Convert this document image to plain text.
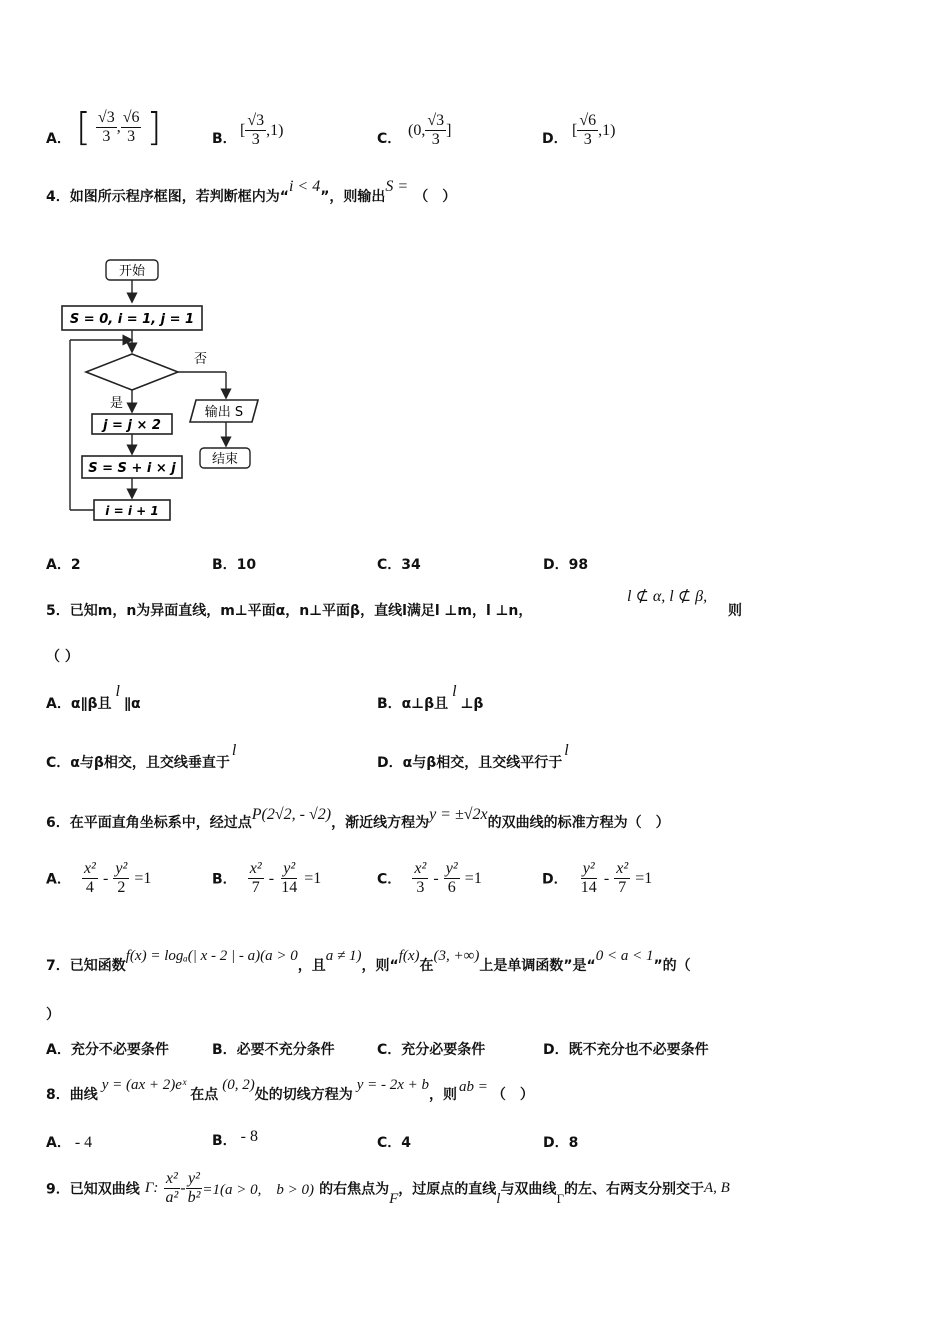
A． [ $\frac{√3}{3}$ , $\frac{√6}{3}$ ]	B． [ $\frac{√3}{3} ,1$)	C． (0, $\frac{√3}{3}$ ]	D． [ $\frac{√6}{3} ,1$)
4．如图所示程序框图，若判断框内为“i < 4”，则输出S =（　）
开始
S = 0, i = 1, j = 1
否
输出 S
结束
是
j = j × 2
S = S + i × j
i = i + 1
A．2	B．10	C．34	D．98
5．已知m，n为异面直线，m⊥平面α，n⊥平面β，直线l满足l ⊥m，l ⊥n，
l ⊄ α, l ⊄ β,
则
（ ）
A．α∥β且l∥α	B．α⊥β且l⊥β
C．α与β相交，且交线垂直于l
D．α与β相交，且交线平行于l
6．在平面直角坐标系中，经过点P(2√2, - √2)，渐近线方程为y = ±√2x的双曲线的标准方程为（　）
A． $\frac{\text{x²}}{4} - \frac{\text{y²}}{2} =1$	B． $\frac{\text{x²}}{7} - \frac{\text{y²}}{14} =1$	C． $\frac{\text{x²}}{3} - \frac{\text{y²}}{6} =1$	D． $\frac{\text{y²}}{14} - \frac{\text{x²}}{7} =1$
7．已知函数f(x) = logₐ(| x - 2 | - a)(a > 0，且a ≠ 1)，则“f(x)在(3, +∞)上是单调函数”是“0 < a < 1”的（
）
A．充分不必要条件	B．必要不充分条件	C．充分必要条件	D．既不充分也不必要条件
8．曲线y = (ax + 2)eˣ在点(0, 2)处的切线方程为y = - 2x + b，则 ab = （　）
A． - 4	B． - 8	C．4	D．8
9．已知双曲线 Γ: $\frac{\text{x²}}{\text{a²}} - \frac{\text{y²}}{\text{b²}} =1(a > 0$,　b > 0) 的右焦点为F，过原点的直线l与双曲线$_\Gamma$的左、右两支分别交于A, B
